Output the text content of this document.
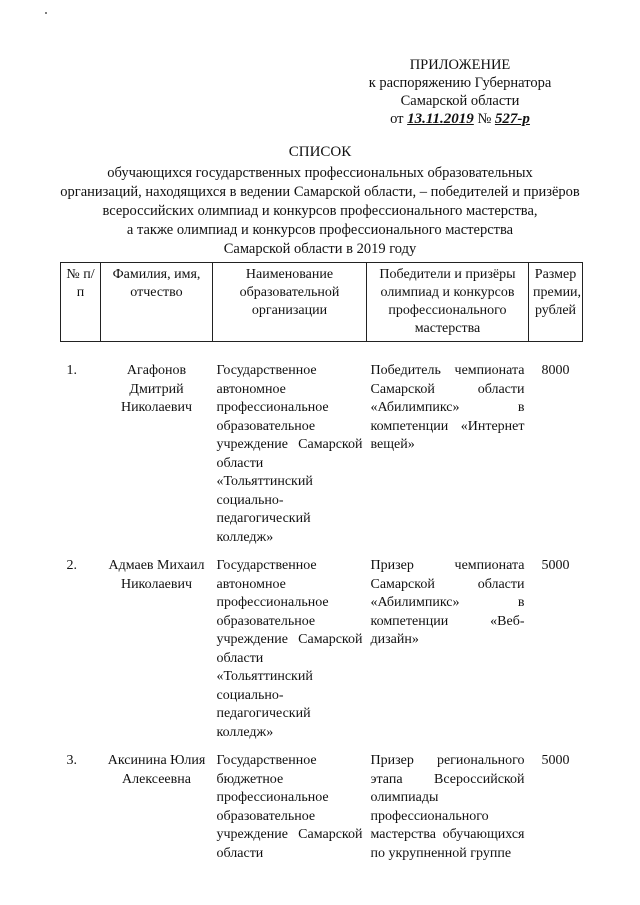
ПРИЛОЖЕНИЕ
к распоряжению Губернатора
Самарской области
от 13.11.2019 № 527-р
СПИСОК
обучающихся государственных профессиональных образовательных
организаций, находящихся в ведении Самарской области, – победителей и призёров
всероссийских олимпиад и конкурсов профессионального мастерства,
а также олимпиад и конкурсов профессионального мастерства
Самарской области в 2019 году
№ п/п	Фамилия, имя, отчество	Наименование образовательной организации	Победители и призёры олимпиад и конкурсов профессионального мастерства	Размер премии, рублей
1.	Агафонов Дмитрий Николаевич	Государственное автономное профессиональное образовательное учреждение Самарской области «Тольяттинский социально-педагогический колледж»	Победитель чемпионата Самарской области «Абилимпикс» в компетенции «Интернет вещей»	8000
2.	Адмаев Михаил Николаевич	Государственное автономное профессиональное образовательное учреждение Самарской области «Тольяттинский социально-педагогический колледж»	Призер чемпионата Самарской области «Абилимпикс» в компетенции «Веб-дизайн»	5000
3.	Аксинина Юлия Алексеевна	Государственное бюджетное профессиональное образовательное учреждение Самарской области	Призер регионального этапа Всероссийской олимпиады профессионального мастерства обучающихся по укрупненной группе	5000
